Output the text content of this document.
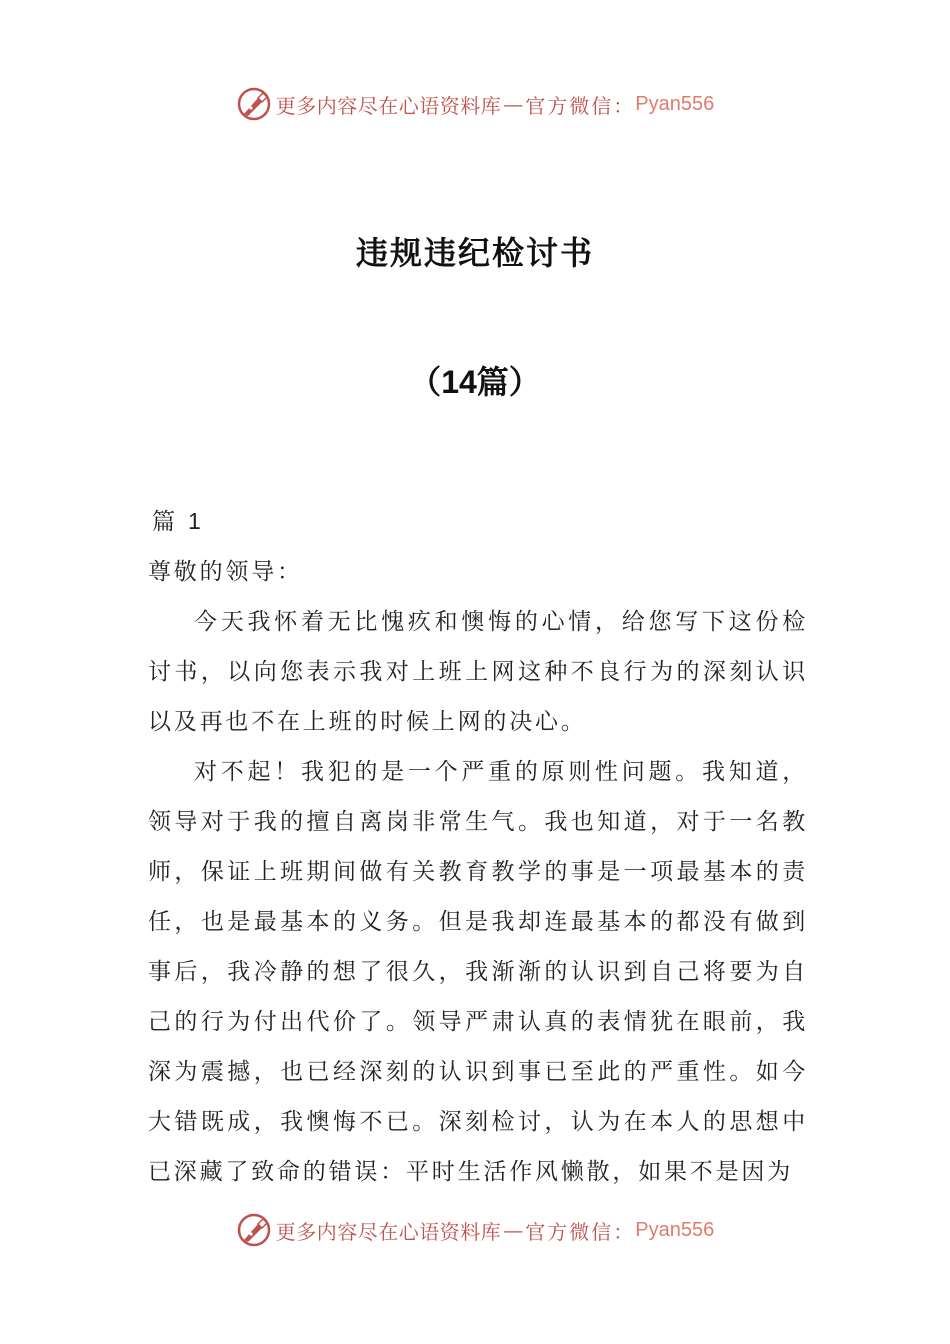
更多内容尽在心语资料库 — 官方微信： Pyan556
违规违纪检讨书
（14篇）

篇 1

尊敬的领导：

今天我怀着无比愧疚和懊悔的心情，给您写下这份检讨书，以向您表示我对上班上网这种不良行为的深刻认识以及再也不在上班的时候上网的决心。

对不起！我犯的是一个严重的原则性问题。我知道，领导对于我的擅自离岗非常生气。我也知道，对于一名教师，保证上班期间做有关教育教学的事是一项最基本的责任，也是最基本的义务。但是我却连最基本的都没有做到事后，我冷静的想了很久，我渐渐的认识到自己将要为自己的行为付出代价了。领导严肃认真的表情犹在眼前，我深为震撼，也已经深刻的认识到事已至此的严重性。如今大错既成，我懊悔不已。深刻检讨，认为在本人的思想中已深藏了致命的错误：平时生活作风懒散，如果不是因为

更多内容尽在心语资料库 — 官方微信： Pyan556
